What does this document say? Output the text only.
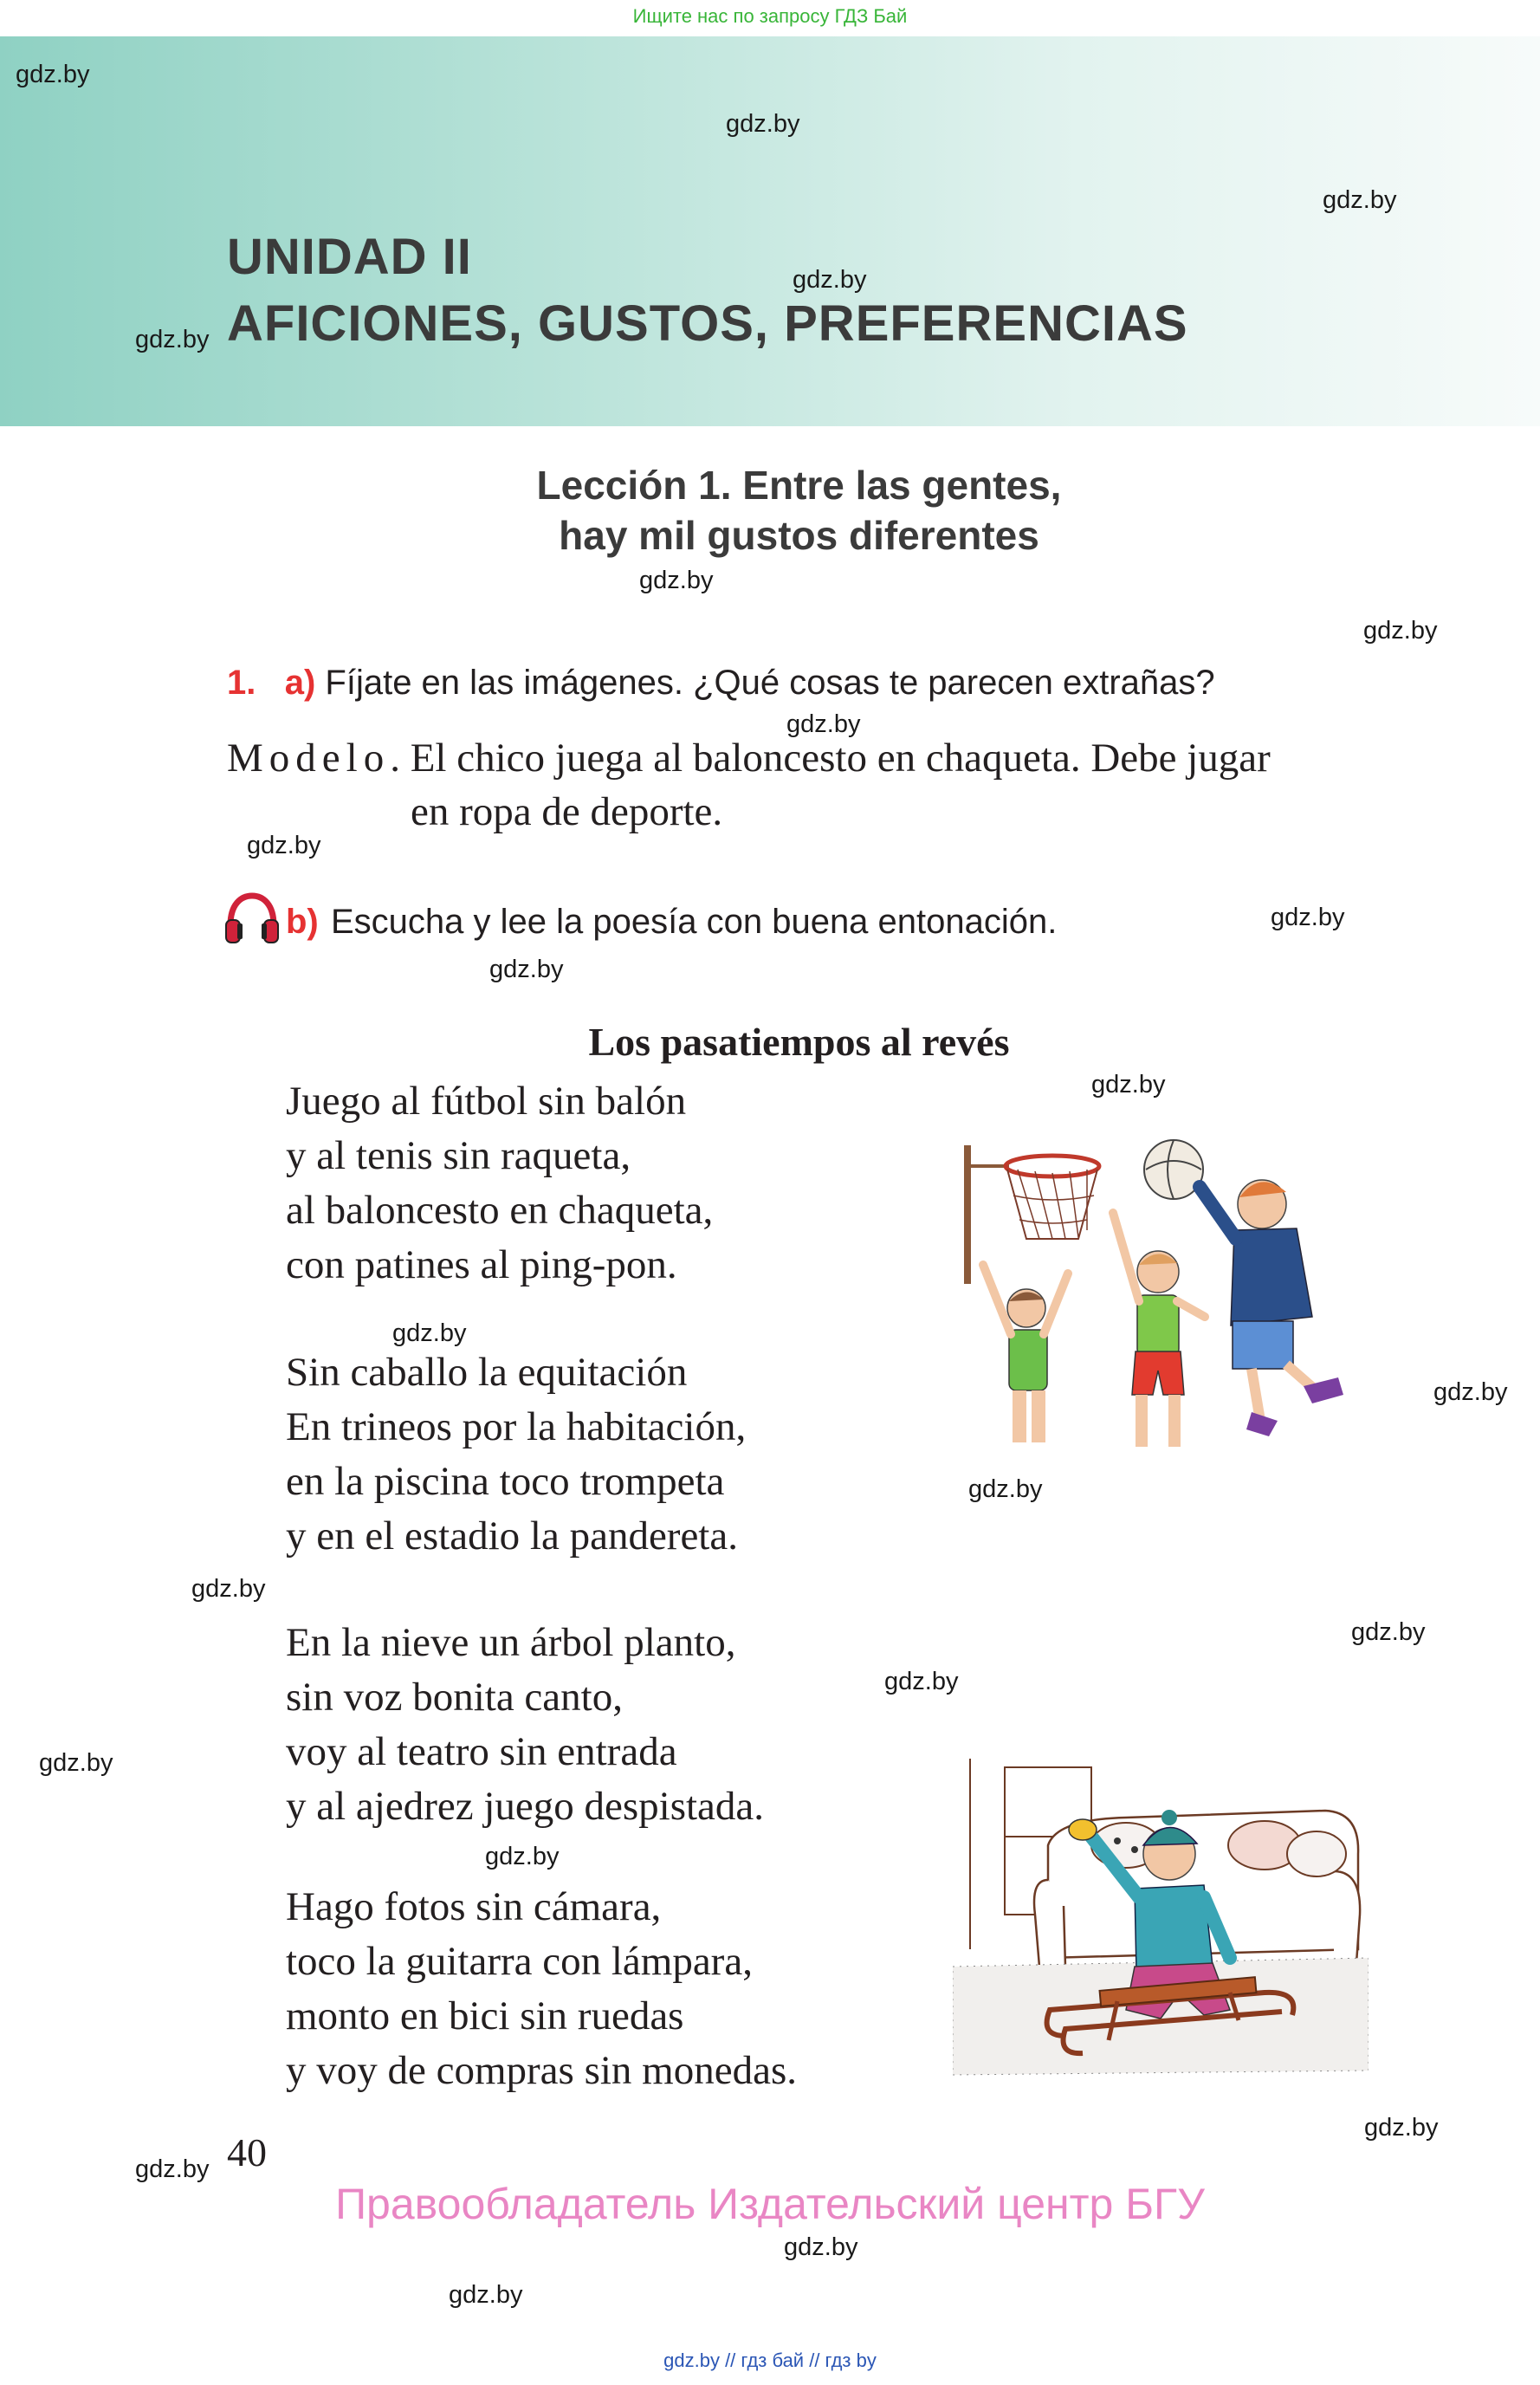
Ищите нас по запросу ГДЗ Бай
gdz.by
gdz.by
gdz.by
gdz.by
gdz.by
gdz.by
gdz.by
gdz.by
gdz.by
gdz.by
gdz.by
gdz.by
gdz.by
gdz.by
gdz.by
gdz.by
gdz.by
gdz.by
gdz.by
gdz.by
gdz.by
gdz.by
gdz.by
gdz.by
UNIDAD II
AFICIONES, GUSTOS, PREFERENCIAS
Lección 1. Entre las gentes,
hay mil gustos diferentes
1. a) Fíjate en las imágenes. ¿Qué cosas te parecen extrañas?
Modelo. El chico juega al baloncesto en chaqueta. Debe jugar
en ropa de deporte.
b) Escucha y lee la poesía con buena entonación.
Los pasatiempos al revés
Juego al fútbol sin balón
y al tenis sin raqueta,
al baloncesto en chaqueta,
con patines al ping-pon.
Sin caballo la equitación
En trineos por la habitación,
en la piscina toco trompeta
y en el estadio la pandereta.
En la nieve un árbol planto,
sin voz bonita canto,
voy al teatro sin entrada
y al ajedrez juego despistada.
Hago fotos sin cámara,
toco la guitarra con lámpara,
monto en bici sin ruedas
y voy de compras sin monedas.
40
Правообладатель Издательский центр БГУ
gdz.by // гдз бай // гдз by
